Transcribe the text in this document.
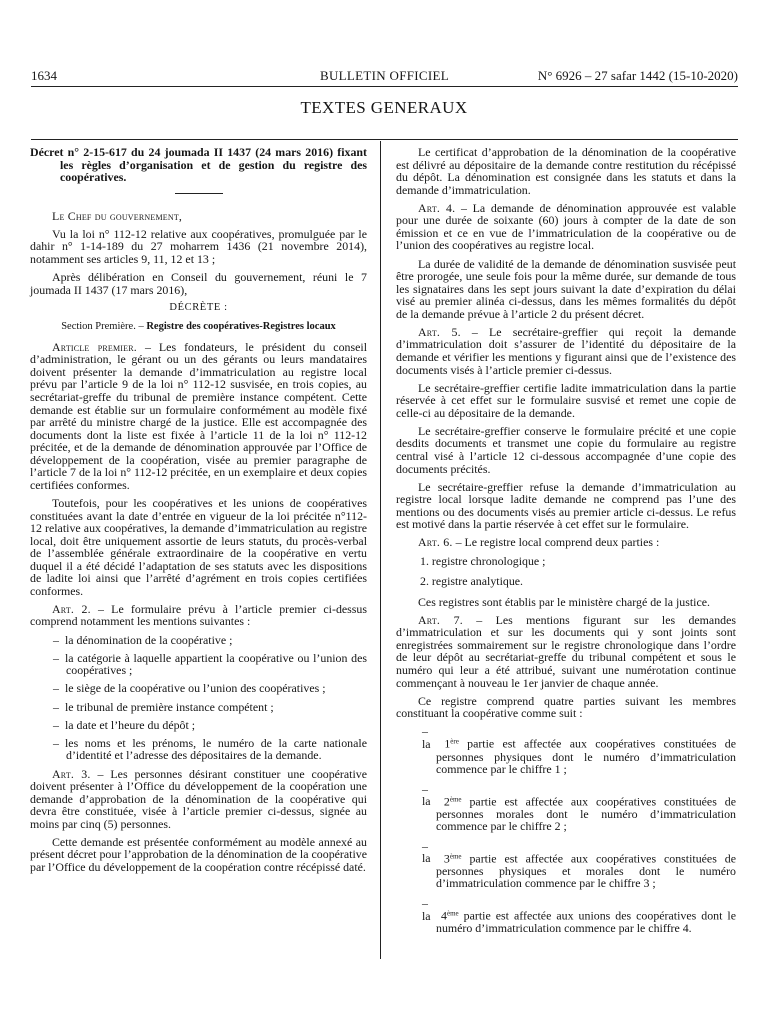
1634	BULLETIN OFFICIEL	N° 6926 – 27 safar 1442 (15-10-2020)
TEXTES GENERAUX

Décret n° 2-15-617 du 24 joumada II 1437 (24 mars 2016) fixant les règles d’organisation et de gestion du registre des coopératives.

Le Chef du gouvernement,

Vu la loi n° 112-12 relative aux coopératives, promulguée par le dahir n° 1-14-189 du 27 moharrem 1436 (21 novembre 2014), notamment ses articles 9, 11, 12 et 13 ;

Après délibération en Conseil du gouvernement, réuni le 7 joumada II 1437 (17 mars 2016),

DÉCRÈTE :

Section Première. – Registre des coopératives-Registres locaux

Article premier. – Les fondateurs, le président du conseil d’administration, le gérant ou un des gérants ou leurs mandataires doivent présenter la demande d’immatriculation au registre local prévu par l’article 9 de la loi n° 112-12 susvisée, en trois copies, au secrétariat-greffe du tribunal de première instance compétent. Cette demande est établie sur un formulaire conformément au modèle fixé par arrêté du ministre chargé de la justice. Elle est accompagnée des documents dont la liste est fixée à l’article 11 de la loi n° 112-12 précitée, et de la demande de dénomination approuvée par l’Office de développement de la coopération, visée au premier paragraphe de l’article 7 de la loi n° 112-12 précitée, en un exemplaire et deux copies certifiées conformes.

Toutefois, pour les coopératives et les unions de coopératives constituées avant la date d’entrée en vigueur de la loi précitée n°112-12 relative aux coopératives, la demande d’immatriculation au registre local, doit être uniquement assortie de leurs statuts, du procès-verbal de l’assemblée générale extraordinaire de la coopérative en vertu duquel il a été décidé l’adaptation de ses statuts avec les dispositions de ladite loi ainsi que l’arrêté d’agrément en trois copies certifiées conformes.

Art. 2. – Le formulaire prévu à l’article premier ci-dessus comprend notamment les mentions suivantes :

– la dénomination de la coopérative ;

– la catégorie à laquelle appartient la coopérative ou l’union des coopératives ;

– le siège de la coopérative ou l’union des coopératives ;

– le tribunal de première instance compétent ;

– la date et l’heure du dépôt ;

– les noms et les prénoms, le numéro de la carte nationale d’identité et l’adresse des dépositaires de la demande.

Art. 3. – Les personnes désirant constituer une coopérative doivent présenter à l’Office du développement de la coopération une demande d’approbation de la dénomination de la coopérative qui devra être constituée, visée à l’article premier ci-dessus, signée au moins par cinq (5) personnes.

Cette demande est présentée conformément au modèle annexé au présent décret pour l’approbation de la dénomination de la coopérative par l’Office du développement de la coopération contre récépissé daté.

Le certificat d’approbation de la dénomination de la coopérative est délivré au dépositaire de la demande contre restitution du récépissé du dépôt. La dénomination est consignée dans les statuts et dans la demande d’immatriculation.

Art. 4. – La demande de dénomination approuvée est valable pour une durée de soixante (60) jours à compter de la date de son émission et ce en vue de l’immatriculation de la coopérative ou de l’union des coopératives au registre local.

La durée de validité de la demande de dénomination susvisée peut être prorogée, une seule fois pour la même durée, sur demande de tous les signataires dans les sept jours suivant la date d’expiration du délai visé au premier alinéa ci-dessus, dans les mêmes formalités du dépôt de la demande prévue à l’article 2 du présent décret.

Art. 5. – Le secrétaire-greffier qui reçoit la demande d’immatriculation doit s’assurer de l’identité du dépositaire de la demande et vérifier les mentions y figurant ainsi que de l’existence des documents visés à l’article premier ci-dessus.

Le secrétaire-greffier certifie ladite immatriculation dans la partie réservée à cet effet sur le formulaire susvisé et remet une copie de celle-ci au dépositaire de la demande.

Le secrétaire-greffier conserve le formulaire précité et une copie desdits documents et transmet une copie du formulaire au registre central visé à l’article 12 ci-dessous accompagnée d’une copie des documents précités.

Le secrétaire-greffier refuse la demande d’immatriculation au registre local lorsque ladite demande ne comprend pas l’une des mentions ou des documents visés au premier article ci-dessus. Le refus est motivé dans la partie réservée à cet effet sur le formulaire.

Art. 6. – Le registre local comprend deux parties :

1. registre chronologique ;

2. registre analytique.

Ces registres sont établis par le ministère chargé de la justice.

Art. 7. – Les mentions figurant sur les demandes d’immatriculation et sur les documents qui y sont joints sont enregistrées sommairement sur le registre chronologique dans l’ordre de leur dépôt au secrétariat-greffe du tribunal compétent et sous le numéro qui leur a été attribué, suivant une numérotation continue commençant à nouveau le 1er janvier de chaque année.

Ce registre comprend quatre parties suivant les membres constituant la coopérative comme suit :

– la 1ère partie est affectée aux coopératives constituées de personnes physiques dont le numéro d’immatriculation commence par le chiffre 1 ;

– la 2ème partie est affectée aux coopératives constituées de personnes morales dont le numéro d’immatriculation commence par le chiffre 2 ;

– la 3ème partie est affectée aux coopératives constituées de personnes physiques et morales dont le numéro d’immatriculation commence par le chiffre 3 ;

– la 4ème partie est affectée aux unions des coopératives dont le numéro d’immatriculation commence par le chiffre 4.
